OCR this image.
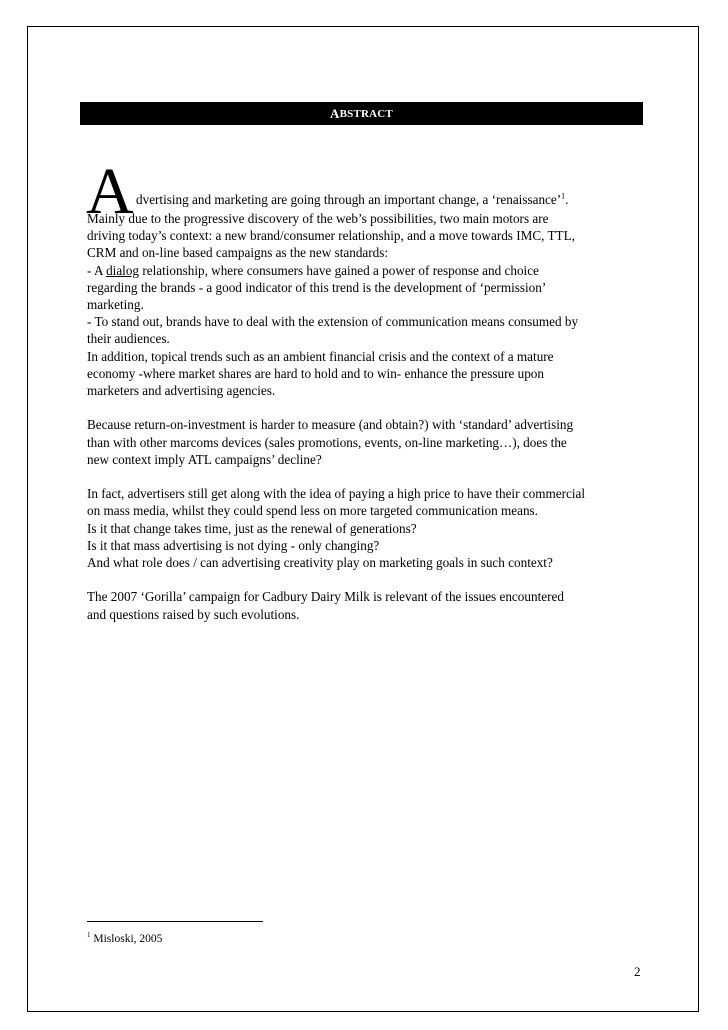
A BSTRACT
A dvertising and marketing are going through an important change, a ‘renaissance’$^1$.
Mainly due to the progressive discovery of the web’s possibilities, two main motors are
driving today’s context: a new brand/consumer relationship, and a move towards IMC, TTL,
CRM and on-line based campaigns as the new standards:
- A dialog relationship, where consumers have gained a power of response and choice
regarding the brands - a good indicator of this trend is the development of ‘permission’
marketing.
- To stand out, brands have to deal with the extension of communication means consumed by
their audiences.
In addition, topical trends such as an ambient financial crisis and the context of a mature
economy -where market shares are hard to hold and to win- enhance the pressure upon
marketers and advertising agencies.
Because return-on-investment is harder to measure (and obtain?) with ‘standard’ advertising
than with other marcoms devices (sales promotions, events, on-line marketing…), does the
new context imply ATL campaigns’ decline?
In fact, advertisers still get along with the idea of paying a high price to have their commercial
on mass media, whilst they could spend less on more targeted communication means.
Is it that change takes time, just as the renewal of generations?
Is it that mass advertising is not dying - only changing?
And what role does / can advertising creativity play on marketing goals in such context?
The 2007 ‘Gorilla’ campaign for Cadbury Dairy Milk is relevant of the issues encountered
and questions raised by such evolutions.
$^1$ Misloski, 2005
2
